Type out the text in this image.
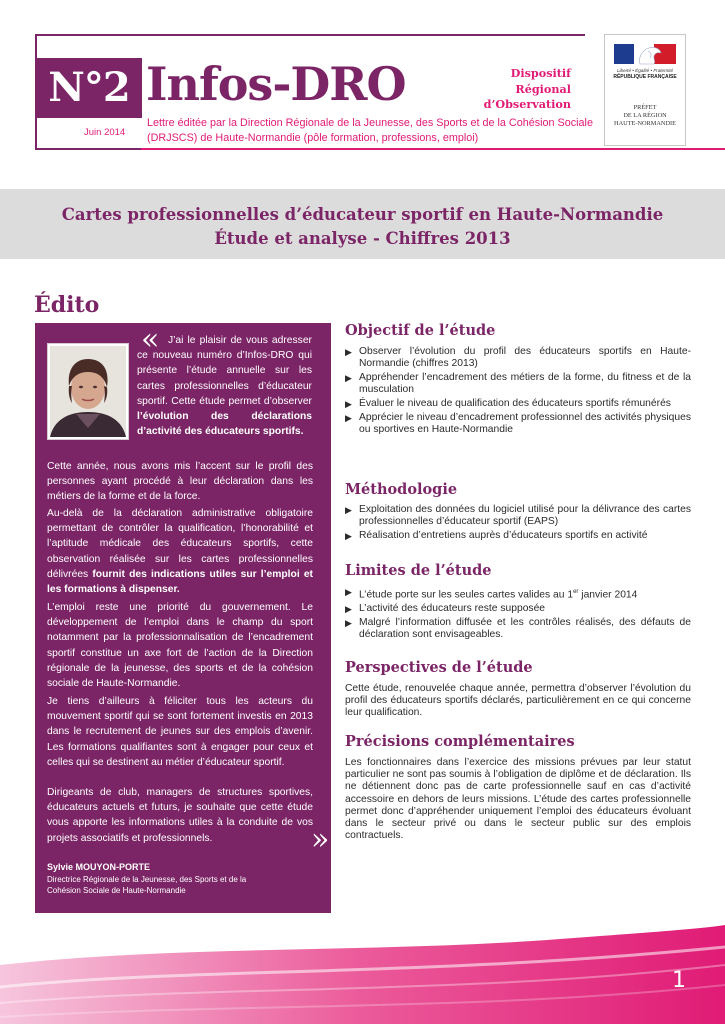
N°2
Juin 2014
Infos-DRO
Lettre éditée par la Direction Régionale de la Jeunesse, des Sports et de la Cohésion Sociale
(DRJSCS) de Haute-Normandie (pôle formation, professions, emploi)
Dispositif
Régional
d’Observation
Liberté • Égalité • Fraternité
RÉPUBLIQUE FRANÇAISE
PRÉFET
DE LA RÉGION
HAUTE-NORMANDIE
Cartes professionnelles d’éducateur sportif en Haute-Normandie
Étude et analyse - Chiffres 2013
Édito
« J’ai le plaisir de vous adresser ce nouveau numéro d’Infos-DRO qui présente l’étude annuelle sur les cartes professionnelles d’éducateur sportif. Cette étude permet d’observer l’évolution des déclarations d’activité des éducateurs sportifs.
Cette année, nous avons mis l’accent sur le profil des personnes ayant procédé à leur déclaration dans les métiers de la forme et de la force.
Au-delà de la déclaration administrative obligatoire permettant de contrôler la qualification, l’honorabilité et l’aptitude médicale des éducateurs sportifs, cette observation réalisée sur les cartes professionnelles délivrées fournit des indications utiles sur l’emploi et les formations à dispenser.
L’emploi reste une priorité du gouvernement. Le développement de l’emploi dans le champ du sport notamment par la professionnalisation de l’encadrement sportif constitue un axe fort de l’action de la Direction régionale de la jeunesse, des sports et de la cohésion sociale de Haute-Normandie.
Je tiens d’ailleurs à féliciter tous les acteurs du mouvement sportif qui se sont fortement investis en 2013 dans le recrutement de jeunes sur des emplois d’avenir. Les formations qualifiantes sont à engager pour ceux et celles qui se destinent au métier d’éducateur sportif.
Dirigeants de club, managers de structures sportives, éducateurs actuels et futurs, je souhaite que cette étude vous apporte les informations utiles à la conduite de vos projets associatifs et professionnels.	»
Sylvie MOUYON-PORTE
Directrice Régionale de la Jeunesse, des Sports et de la
Cohésion Sociale de Haute-Normandie
Objectif de l’étude
▶ Observer l’évolution du profil des éducateurs sportifs en Haute-Normandie (chiffres 2013)
▶ Appréhender l’encadrement des métiers de la forme, du fitness et de la musculation
▶ Évaluer le niveau de qualification des éducateurs sportifs rémunérés
▶ Apprécier le niveau d’encadrement professionnel des activités physiques ou sportives en Haute-Normandie
Méthodologie
▶ Exploitation des données du logiciel utilisé pour la délivrance des cartes professionnelles d’éducateur sportif (EAPS)
▶ Réalisation d’entretiens auprès d’éducateurs sportifs en activité
Limites de l’étude
▶ L’étude porte sur les seules cartes valides au 1er janvier 2014
▶ L’activité des éducateurs reste supposée
▶ Malgré l’information diffusée et les contrôles réalisés, des défauts de déclaration sont envisageables.
Perspectives de l’étude
Cette étude, renouvelée chaque année, permettra d’observer l’évolution du profil des éducateurs sportifs déclarés, particulièrement en ce qui concerne leur qualification.
Précisions complémentaires
Les fonctionnaires dans l’exercice des missions prévues par leur statut particulier ne sont pas soumis à l’obligation de diplôme et de déclaration. Ils ne détiennent donc pas de carte professionnelle sauf en cas d’activité accessoire en dehors de leurs missions. L’étude des cartes professionnelle permet donc d’appréhender uniquement l’emploi des éducateurs évoluant dans le secteur privé ou dans le secteur public sur des emplois contractuels.
1
